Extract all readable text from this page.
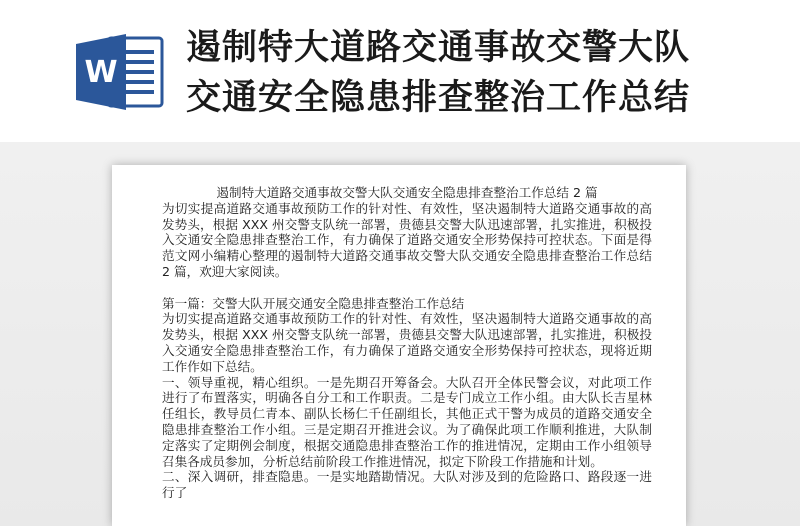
W
遏制特大道路交通事故交警大队
交通安全隐患排查整治工作总结

遏制特大道路交通事故交警大队交通安全隐患排查整治工作总结 2 篇

为切实提高道路交通事故预防工作的针对性、有效性，坚决遏制特大道路交通事故的高发势头，根据 XXX 州交警支队统一部署，贵德县交警大队迅速部署，扎实推进，积极投入交通安全隐患排查整治工作，有力确保了道路交通安全形势保持可控状态。下面是得范文网小编精心整理的遏制特大道路交通事故交警大队交通安全隐患排查整治工作总结 2 篇，欢迎大家阅读。

第一篇：交警大队开展交通安全隐患排查整治工作总结

为切实提高道路交通事故预防工作的针对性、有效性，坚决遏制特大道路交通事故的高发势头，根据 XXX 州交警支队统一部署，贵德县交警大队迅速部署，扎实推进，积极投入交通安全隐患排查整治工作，有力确保了道路交通安全形势保持可控状态，现将近期工作作如下总结。

一、领导重视，精心组织。一是先期召开筹备会。大队召开全体民警会议，对此项工作进行了布置落实，明确各自分工和工作职责。二是专门成立工作小组。由大队长吉星林任组长，教导员仁青本、副队长杨仁千任副组长，其他正式干警为成员的道路交通安全隐患排查整治工作小组。三是定期召开推进会议。为了确保此项工作顺利推进，大队制定落实了定期例会制度，根据交通隐患排查整治工作的推进情况，定期由工作小组领导召集各成员参加，分析总结前阶段工作推进情况，拟定下阶段工作措施和计划。

二、深入调研，排查隐患。一是实地踏勘情况。大队对涉及到的危险路口、路段逐一进行了
